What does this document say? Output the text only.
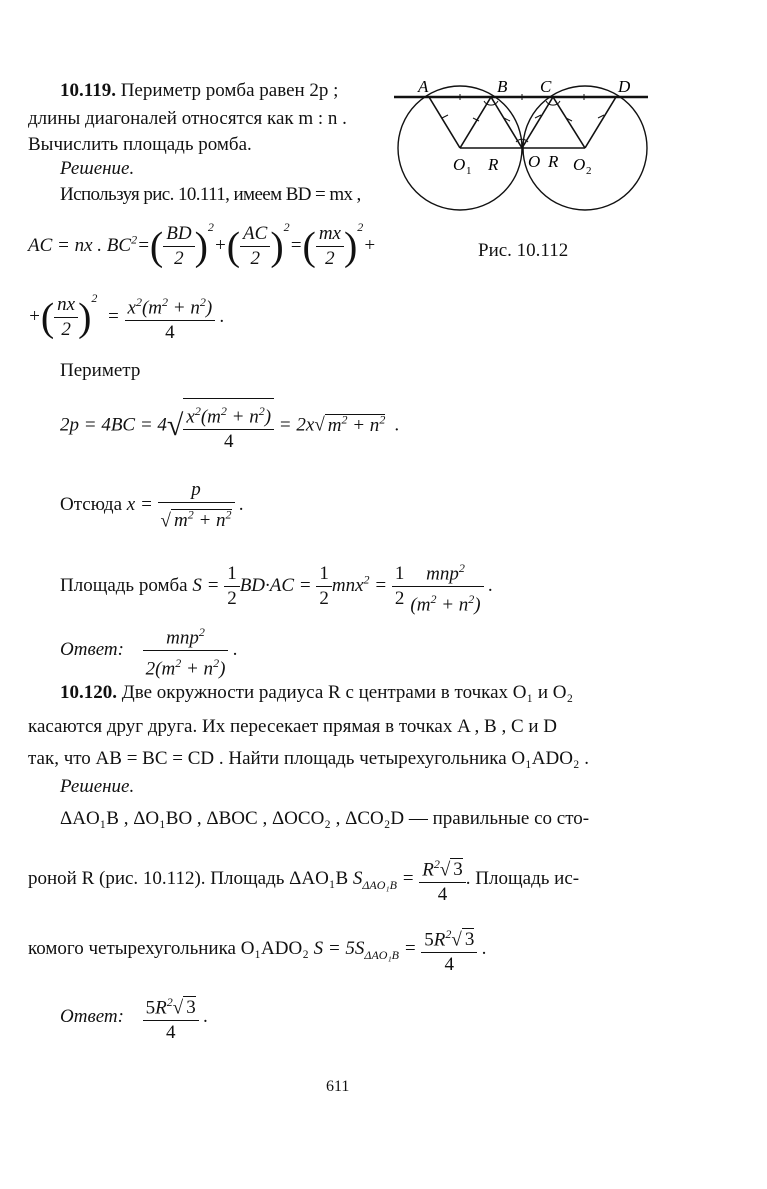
10.119. Периметр ромба равен 2p ;
длины диагоналей относятся как m : n .
Вычислить площадь ромба.
Решение.
Используя рис. 10.111, имеем BD = mx ,
AC = nx . $BC^2=( \frac{BD}{2} )^2+( \frac{AC}{2} )^2=( \frac{mx}{2} )^2+$
+( $\frac{nx}{2} )^2 = \frac{x^2(m^2 + n^2)}{4}$ .
Периметр
$2p = 4BC = 4√ \frac{x^2(m^2 + n^2)}{4} = 2x√$ $m^2 + n^2$  .
Отсюда $x = \frac{p}{√ m^2 + n^2}$ .
Площадь ромба $S = \frac{1}{2} BD\cdot AC = \frac{1}{2} mnx^2 = \frac{1}{2} \frac{mnp^2}{(m^2 + n^2)}$ .
Ответ: $\frac{mnp^2}{2(m^2 + n^2)}$ .
A	B C	D
O 1 R O R O 2
Рис. 10.112
10.120. Две окружности радиуса R с центрами в точках O₁ и O₂
касаются друг друга. Их пересекает прямая в точках A , B , C и D
так, что AB = BC = CD . Найти площадь четырехугольника O₁ADO₂ .
Решение.
ΔAO₁B , ΔO₁BO , ΔBOC , ΔOCO₂ , ΔCO₂D — правильные со сто-
роной R (рис. 10.112). Площадь ΔAO₁B $S_{\Delta AO_1B} = \frac{R^2√ 3}{4}$ . Площадь ис-
комого четырехугольника O₁ADO₂ $S = 5S_{\Delta AO_1B} = \frac{5R^2√ 3}{4}$ .
Ответ: $\frac{5R^2√ 3}{4}$ .
611
